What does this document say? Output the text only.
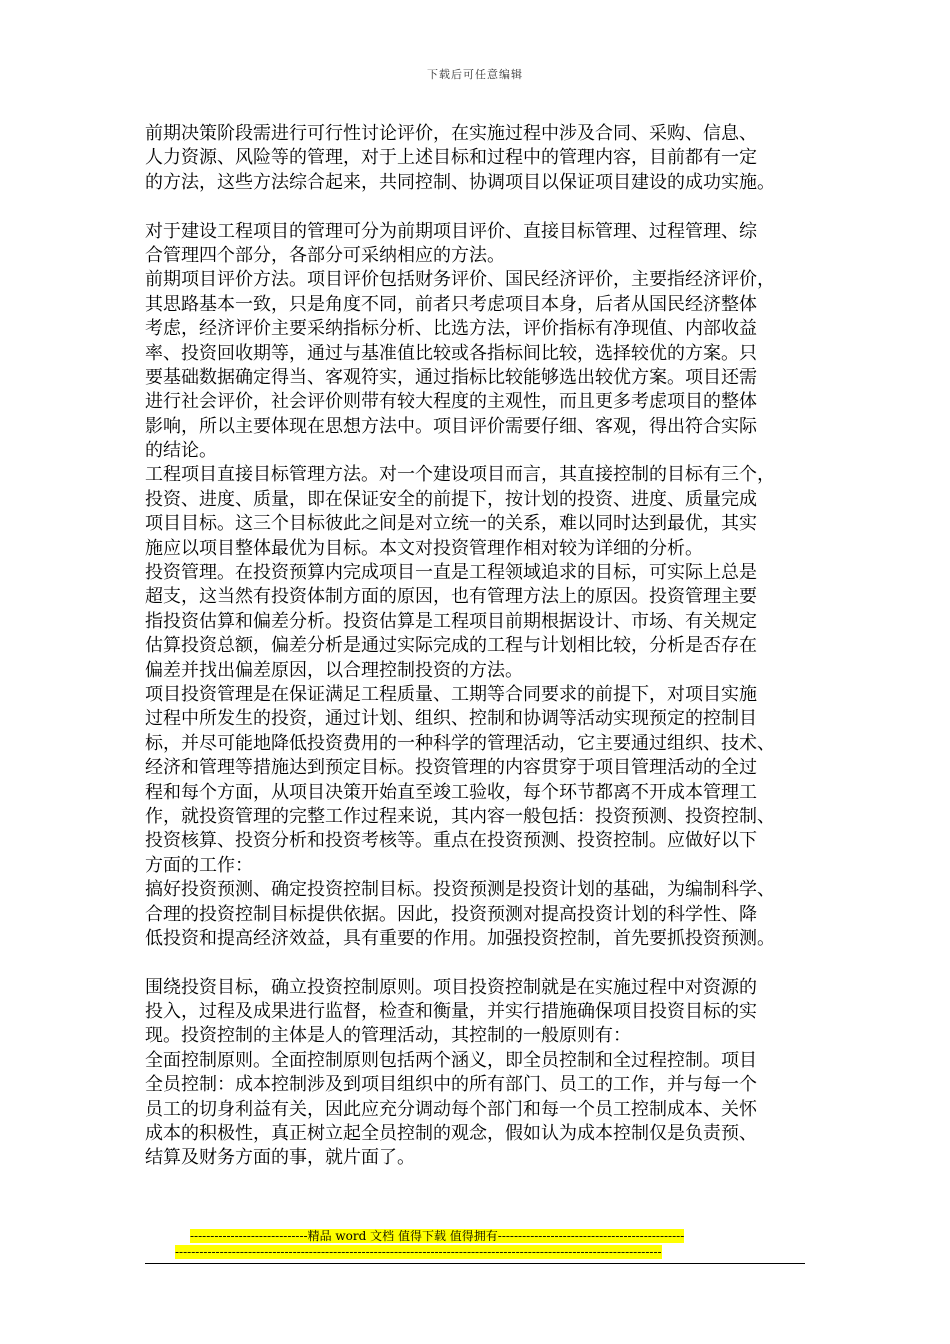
下载后可任意编辑
前期决策阶段需进行可行性讨论评价，在实施过程中涉及合同、采购、信息、
人力资源、风险等的管理，对于上述目标和过程中的管理内容，目前都有一定
的方法，这些方法综合起来，共同控制、协调项目以保证项目建设的成功实施。
对于建设工程项目的管理可分为前期项目评价、直接目标管理、过程管理、综
合管理四个部分，各部分可采纳相应的方法。
前期项目评价方法。项目评价包括财务评价、国民经济评价，主要指经济评价，
其思路基本一致，只是角度不同，前者只考虑项目本身，后者从国民经济整体
考虑，经济评价主要采纳指标分析、比选方法，评价指标有净现值、内部收益
率、投资回收期等，通过与基准值比较或各指标间比较，选择较优的方案。只
要基础数据确定得当、客观符实，通过指标比较能够选出较优方案。项目还需
进行社会评价，社会评价则带有较大程度的主观性，而且更多考虑项目的整体
影响，所以主要体现在思想方法中。项目评价需要仔细、客观，得出符合实际
的结论。
工程项目直接目标管理方法。对一个建设项目而言，其直接控制的目标有三个，
投资、进度、质量，即在保证安全的前提下，按计划的投资、进度、质量完成
项目目标。这三个目标彼此之间是对立统一的关系，难以同时达到最优，其实
施应以项目整体最优为目标。本文对投资管理作相对较为详细的分析。
投资管理。在投资预算内完成项目一直是工程领域追求的目标，可实际上总是
超支，这当然有投资体制方面的原因，也有管理方法上的原因。投资管理主要
指投资估算和偏差分析。投资估算是工程项目前期根据设计、市场、有关规定
估算投资总额，偏差分析是通过实际完成的工程与计划相比较，分析是否存在
偏差并找出偏差原因，以合理控制投资的方法。
项目投资管理是在保证满足工程质量、工期等合同要求的前提下，对项目实施
过程中所发生的投资，通过计划、组织、控制和协调等活动实现预定的控制目
标，并尽可能地降低投资费用的一种科学的管理活动，它主要通过组织、技术、
经济和管理等措施达到预定目标。投资管理的内容贯穿于项目管理活动的全过
程和每个方面，从项目决策开始直至竣工验收，每个环节都离不开成本管理工
作，就投资管理的完整工作过程来说，其内容一般包括：投资预测、投资控制、
投资核算、投资分析和投资考核等。重点在投资预测、投资控制。应做好以下
方面的工作：
搞好投资预测、确定投资控制目标。投资预测是投资计划的基础，为编制科学、
合理的投资控制目标提供依据。因此，投资预测对提高投资计划的科学性、降
低投资和提高经济效益，具有重要的作用。加强投资控制，首先要抓投资预测。
围绕投资目标，确立投资控制原则。项目投资控制就是在实施过程中对资源的
投入，过程及成果进行监督，检查和衡量，并实行措施确保项目投资目标的实
现。投资控制的主体是人的管理活动，其控制的一般原则有：
全面控制原则。全面控制原则包括两个涵义，即全员控制和全过程控制。项目
全员控制：成本控制涉及到项目组织中的所有部门、员工的工作，并与每一个
员工的切身利益有关，因此应充分调动每个部门和每一个员工控制成本、关怀
成本的积极性，真正树立起全员控制的观念，假如认为成本控制仅是负责预、
结算及财务方面的事，就片面了。
-----------------------------精品 word 文档 值得下载 值得拥有----------------------------------------------
------------------------------------------------------------------------------------------------------------------------
